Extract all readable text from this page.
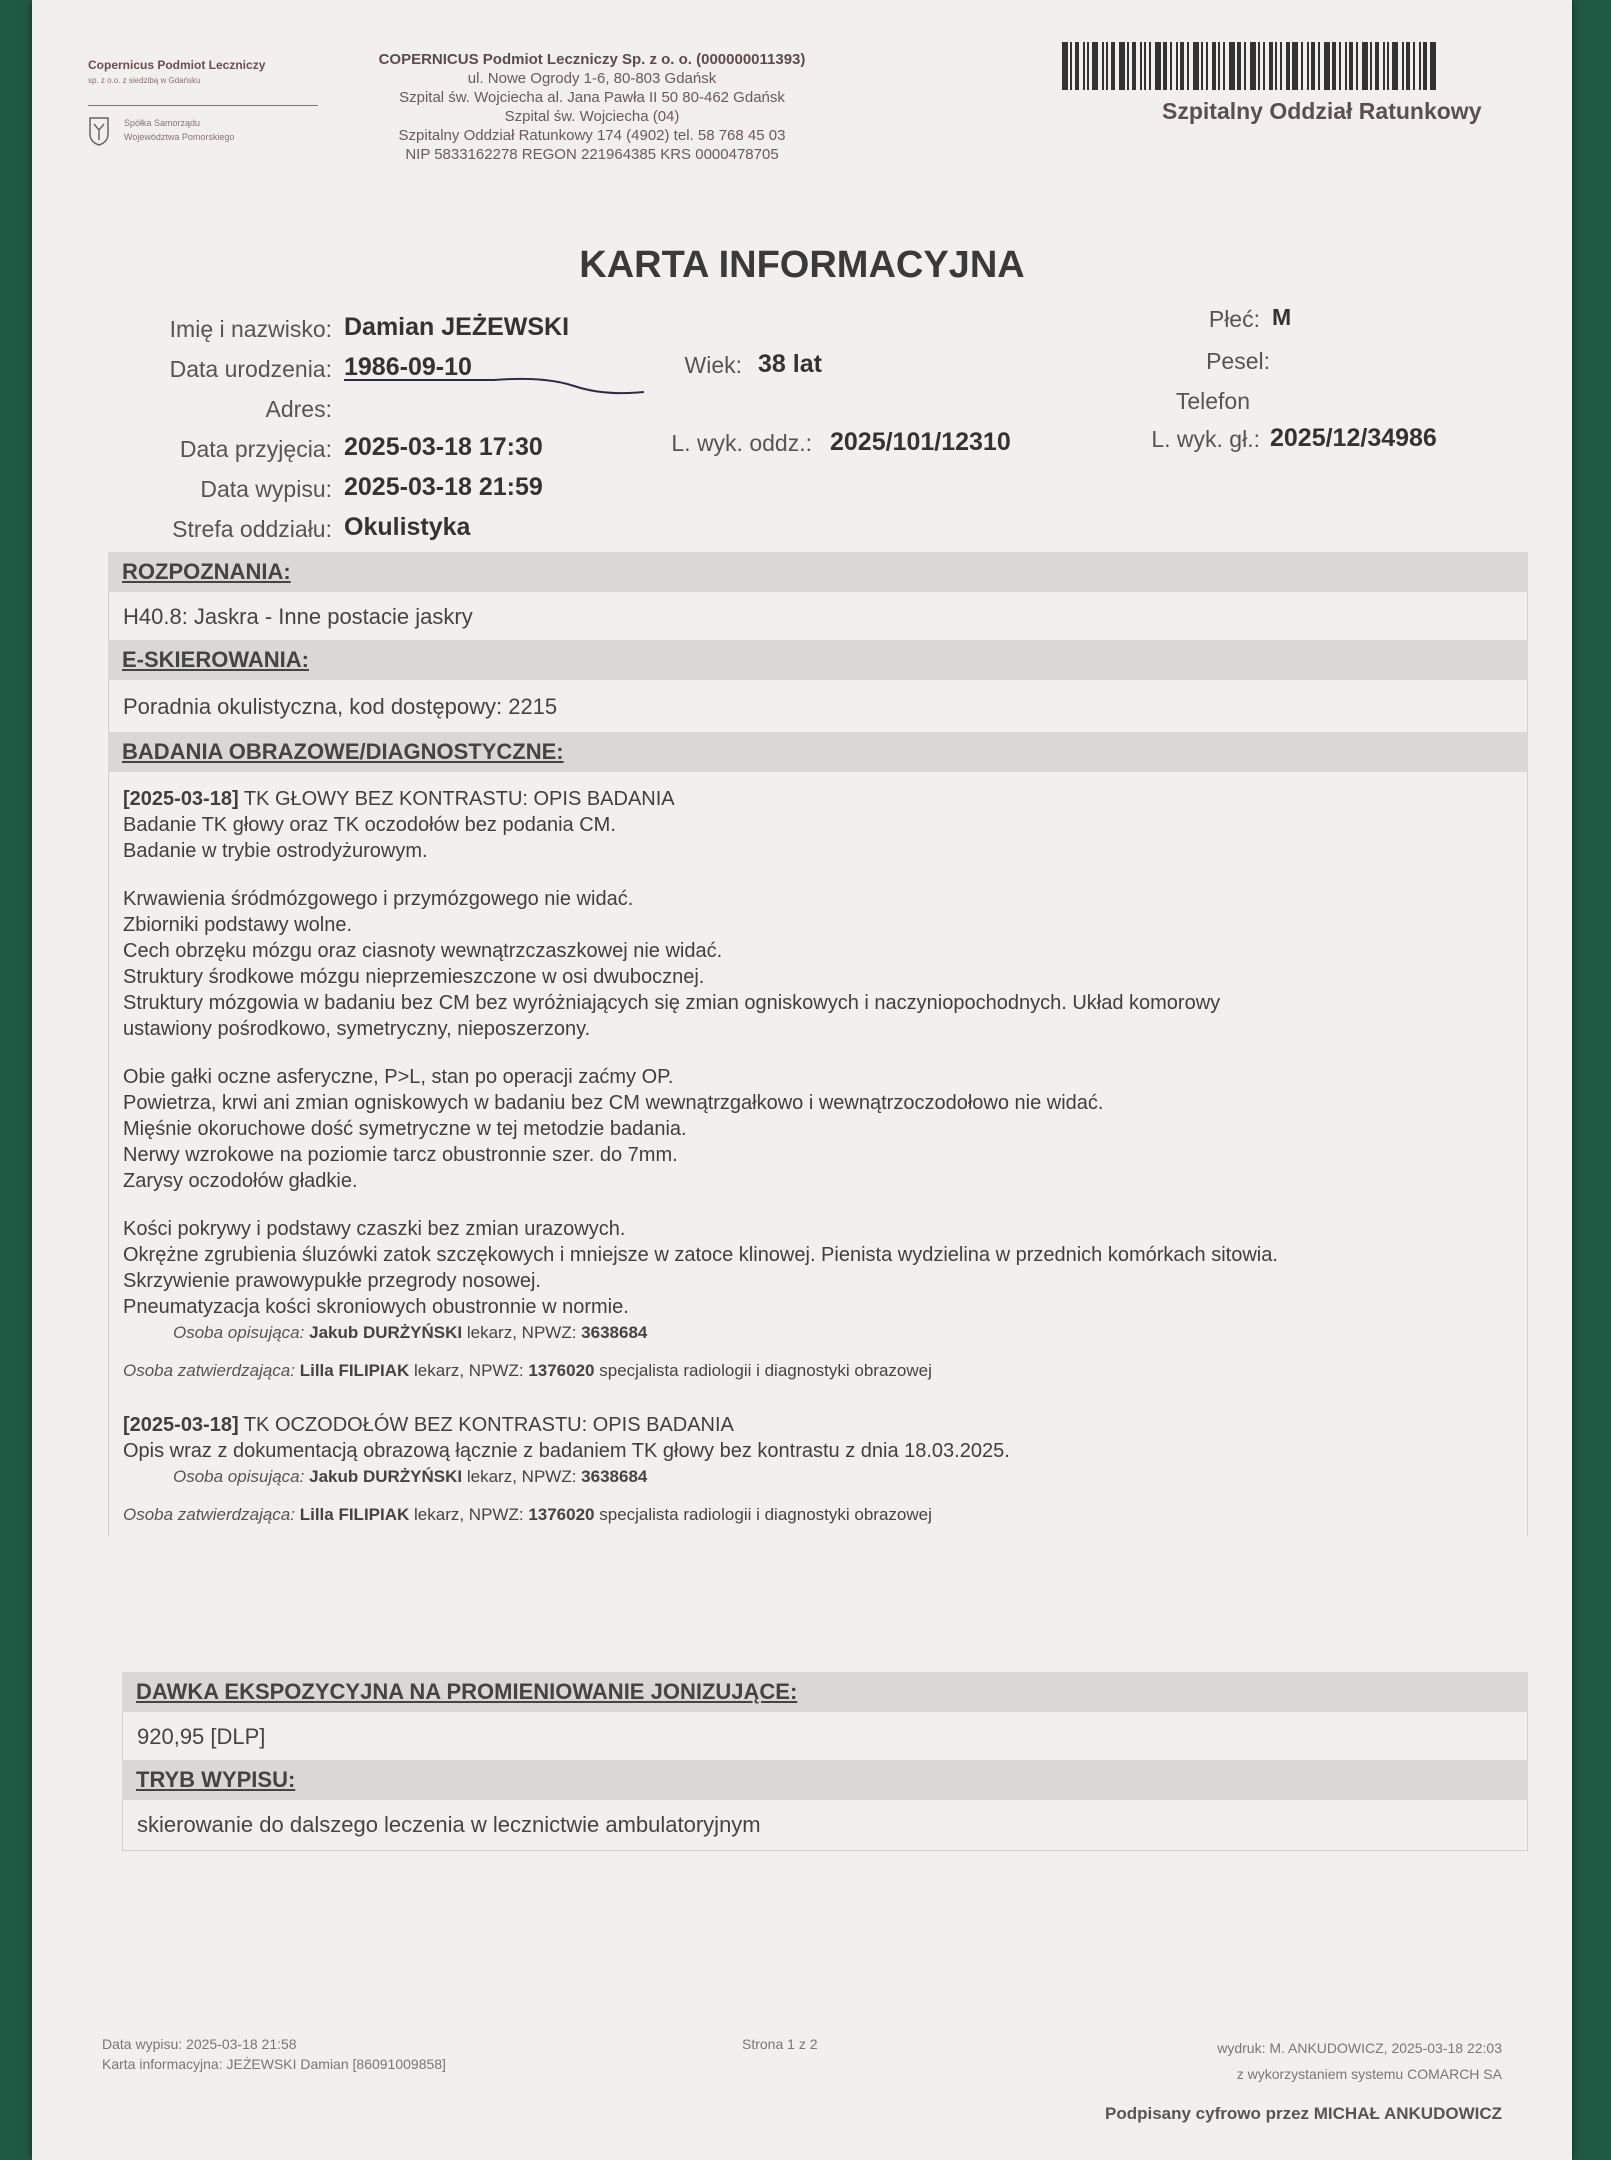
Copernicus Podmiot Leczniczy
sp. z o.o. z siedzibą w Gdańsku
Spółka Samorządu
Województwa Pomorskiego
COPERNICUS Podmiot Leczniczy Sp. z o. o. (000000011393)
ul. Nowe Ogrody 1-6, 80-803 Gdańsk
Szpital św. Wojciecha al. Jana Pawła II 50 80-462 Gdańsk
Szpital św. Wojciecha (04)
Szpitalny Oddział Ratunkowy 174 (4902) tel. 58 768 45 03
NIP 5833162278 REGON 221964385 KRS 0000478705
Szpitalny Oddział Ratunkowy
KARTA INFORMACYJNA
Imię i nazwisko: Damian JEŻEWSKI	Płeć: M
Data urodzenia: 1986-09-10	Wiek: 38 lat	Pesel:
Adres:	Telefon
Data przyjęcia: 2025-03-18 17:30	L. wyk. oddz.: 2025/101/12310	L. wyk. gł.: 2025/12/34986
Data wypisu: 2025-03-18 21:59
Strefa oddziału: Okulistyka
ROZPOZNANIA:
H40.8: Jaskra - Inne postacie jaskry
E-SKIEROWANIA:
Poradnia okulistyczna, kod dostępowy: 2215
BADANIA OBRAZOWE/DIAGNOSTYCZNE:
[2025-03-18] TK GŁOWY BEZ KONTRASTU: OPIS BADANIA
Badanie TK głowy oraz TK oczodołów bez podania CM.
Badanie w trybie ostrodyżurowym.
Krwawienia śródmózgowego i przymózgowego nie widać.
Zbiorniki podstawy wolne.
Cech obrzęku mózgu oraz ciasnoty wewnątrzczaszkowej nie widać.
Struktury środkowe mózgu nieprzemieszczone w osi dwubocznej.
Struktury mózgowia w badaniu bez CM bez wyróżniających się zmian ogniskowych i naczyniopochodnych. Układ komorowy
ustawiony pośrodkowo, symetryczny, nieposzerzony.
Obie gałki oczne asferyczne, P>L, stan po operacji zaćmy OP.
Powietrza, krwi ani zmian ogniskowych w badaniu bez CM wewnątrzgałkowo i wewnątrzoczodołowo nie widać.
Mięśnie okoruchowe dość symetryczne w tej metodzie badania.
Nerwy wzrokowe na poziomie tarcz obustronnie szer. do 7mm.
Zarysy oczodołów gładkie.
Kości pokrywy i podstawy czaszki bez zmian urazowych.
Okrężne zgrubienia śluzówki zatok szczękowych i mniejsze w zatoce klinowej. Pienista wydzielina w przednich komórkach sitowia.
Skrzywienie prawowypukłe przegrody nosowej.
Pneumatyzacja kości skroniowych obustronnie w normie.
Osoba opisująca: Jakub DURŻYŃSKI lekarz, NPWZ: 3638684
Osoba zatwierdzająca: Lilla FILIPIAK lekarz, NPWZ: 1376020 specjalista radiologii i diagnostyki obrazowej
[2025-03-18] TK OCZODOŁÓW BEZ KONTRASTU: OPIS BADANIA
Opis wraz z dokumentacją obrazową łącznie z badaniem TK głowy bez kontrastu z dnia 18.03.2025.
Osoba opisująca: Jakub DURŻYŃSKI lekarz, NPWZ: 3638684
Osoba zatwierdzająca: Lilla FILIPIAK lekarz, NPWZ: 1376020 specjalista radiologii i diagnostyki obrazowej
DAWKA EKSPOZYCYJNA NA PROMIENIOWANIE JONIZUJĄCE:
920,95 [DLP]
TRYB WYPISU:
skierowanie do dalszego leczenia w lecznictwie ambulatoryjnym
Data wypisu: 2025-03-18 21:58
Karta informacyjna: JEŻEWSKI Damian [86091009858]
Strona 1 z 2	wydruk: M. ANKUDOWICZ, 2025-03-18 22:03
z wykorzystaniem systemu COMARCH SA
Podpisany cyfrowo przez MICHAŁ ANKUDOWICZ
